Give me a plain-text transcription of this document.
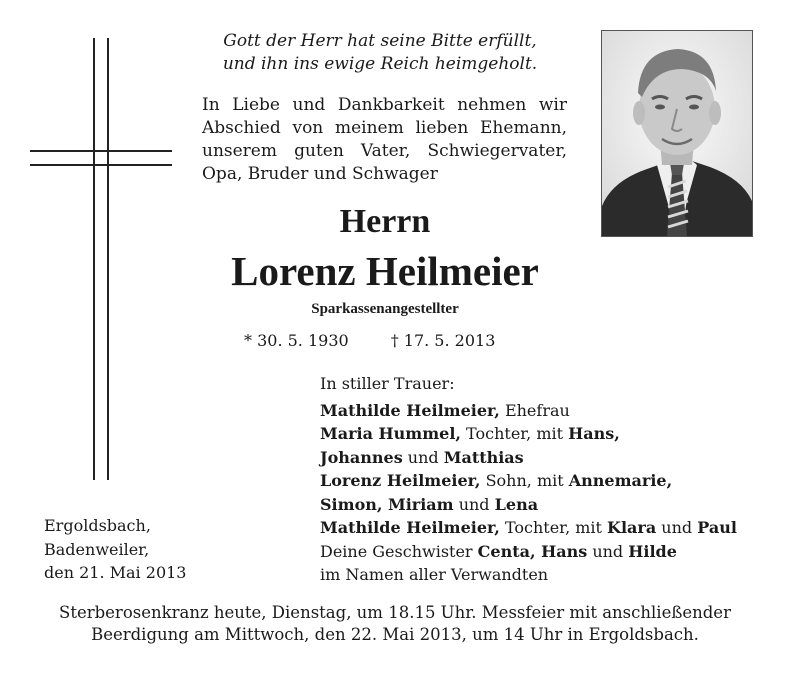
Gott der Herr hat seine Bitte erfüllt,
und ihn ins ewige Reich heimgeholt.
In Liebe und Dankbarkeit nehmen wir
Abschied von meinem lieben Ehemann,
unserem guten Vater, Schwiegervater,
Opa, Bruder und Schwager
Herrn
Lorenz Heilmeier
Sparkassenangestellter
* 30. 5. 1930	† 17. 5. 2013
In stiller Trauer:
Mathilde Heilmeier, Ehefrau
Maria Hummel, Tochter, mit Hans,
Johannes und Matthias
Lorenz Heilmeier, Sohn, mit Annemarie,
Simon, Miriam und Lena
Mathilde Heilmeier, Tochter, mit Klara und Paul
Deine Geschwister Centa, Hans und Hilde
im Namen aller Verwandten
Ergoldsbach,
Badenweiler,
den 21. Mai 2013
Sterberosenkranz heute, Dienstag, um 18.15 Uhr. Messfeier mit anschließender
Beerdigung am Mittwoch, den 22. Mai 2013, um 14 Uhr in Ergoldsbach.
